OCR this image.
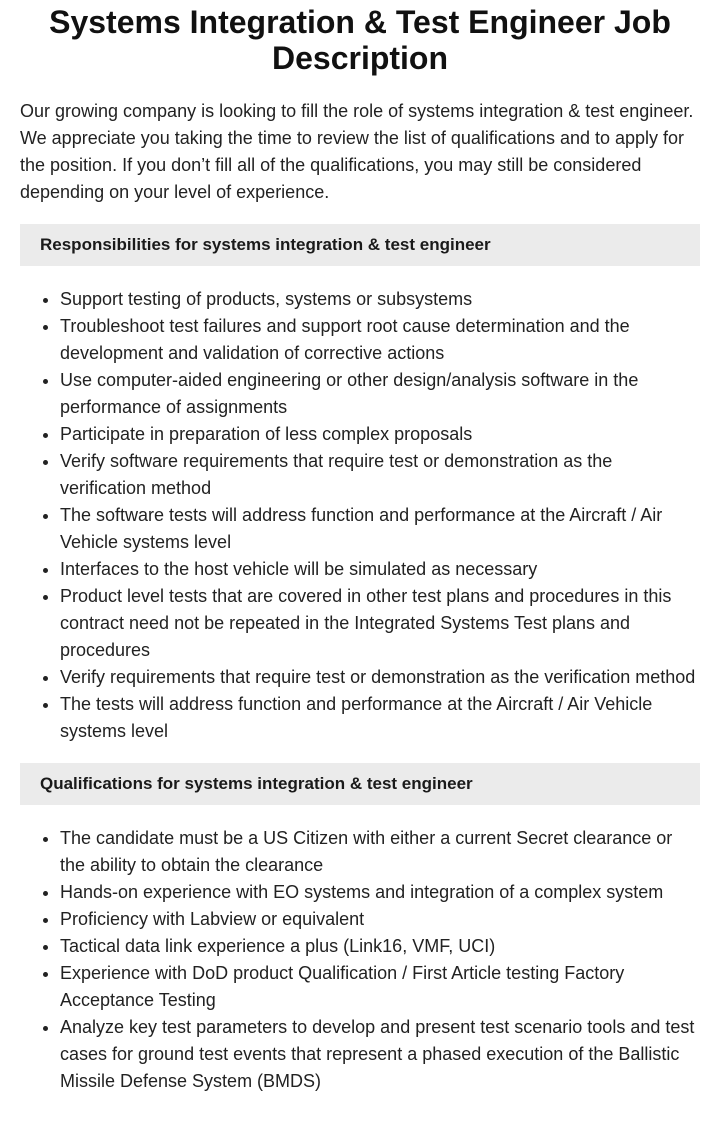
Systems Integration & Test Engineer Job Description

Our growing company is looking to fill the role of systems integration & test engineer. We appreciate you taking the time to review the list of qualifications and to apply for the position. If you don’t fill all of the qualifications, you may still be considered depending on your level of experience.

Responsibilities for systems integration & test engineer
• Support testing of products, systems or subsystems
• Troubleshoot test failures and support root cause determination and the development and validation of corrective actions
• Use computer-aided engineering or other design/analysis software in the performance of assignments
• Participate in preparation of less complex proposals
• Verify software requirements that require test or demonstration as the verification method
• The software tests will address function and performance at the Aircraft / Air Vehicle systems level
• Interfaces to the host vehicle will be simulated as necessary
• Product level tests that are covered in other test plans and procedures in this contract need not be repeated in the Integrated Systems Test plans and procedures
• Verify requirements that require test or demonstration as the verification method
• The tests will address function and performance at the Aircraft / Air Vehicle systems level
Qualifications for systems integration & test engineer
• The candidate must be a US Citizen with either a current Secret clearance or the ability to obtain the clearance
• Hands-on experience with EO systems and integration of a complex system
• Proficiency with Labview or equivalent
• Tactical data link experience a plus (Link16, VMF, UCI)
• Experience with DoD product Qualification / First Article testing Factory Acceptance Testing
• Analyze key test parameters to develop and present test scenario tools and test cases for ground test events that represent a phased execution of the Ballistic Missile Defense System (BMDS)
